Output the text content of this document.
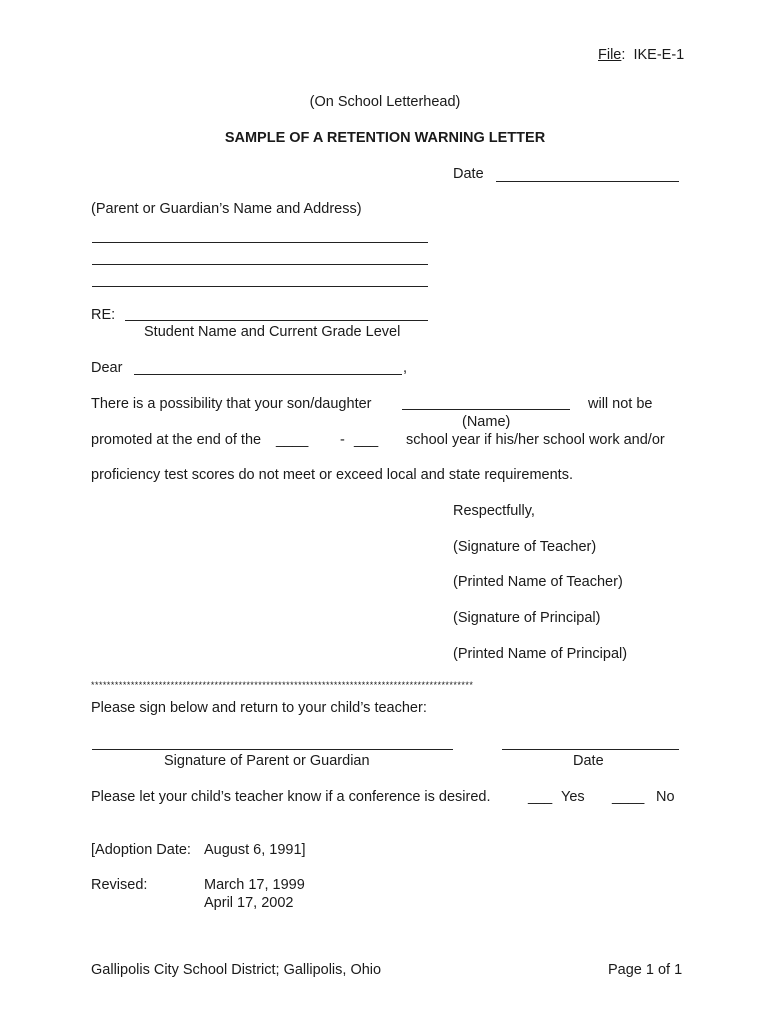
File:  IKE-E-1
(On School Letterhead)
SAMPLE OF A RETENTION WARNING LETTER
Date
(Parent or Guardian’s Name and Address)
RE:
Student Name and Current Grade Level
Dear	,
There is a possibility that your son/daughter	will not be
(Name)
promoted at the end of the ____ - ___ school year if his/her school work and/or
proficiency test scores do not meet or exceed local and state requirements.
Respectfully,
(Signature of Teacher)
(Printed Name of Teacher)
(Signature of Principal)
(Printed Name of Principal)
************************************************************************************************
Please sign below and return to your child’s teacher:
Signature of Parent or Guardian	Date
Please let your child’s teacher know if a conference is desired.	___ Yes ____ No
[Adoption Date: August 6, 1991]
Revised:	March 17, 1999
April 17, 2002
Gallipolis City School District; Gallipolis, Ohio	Page 1 of 1
